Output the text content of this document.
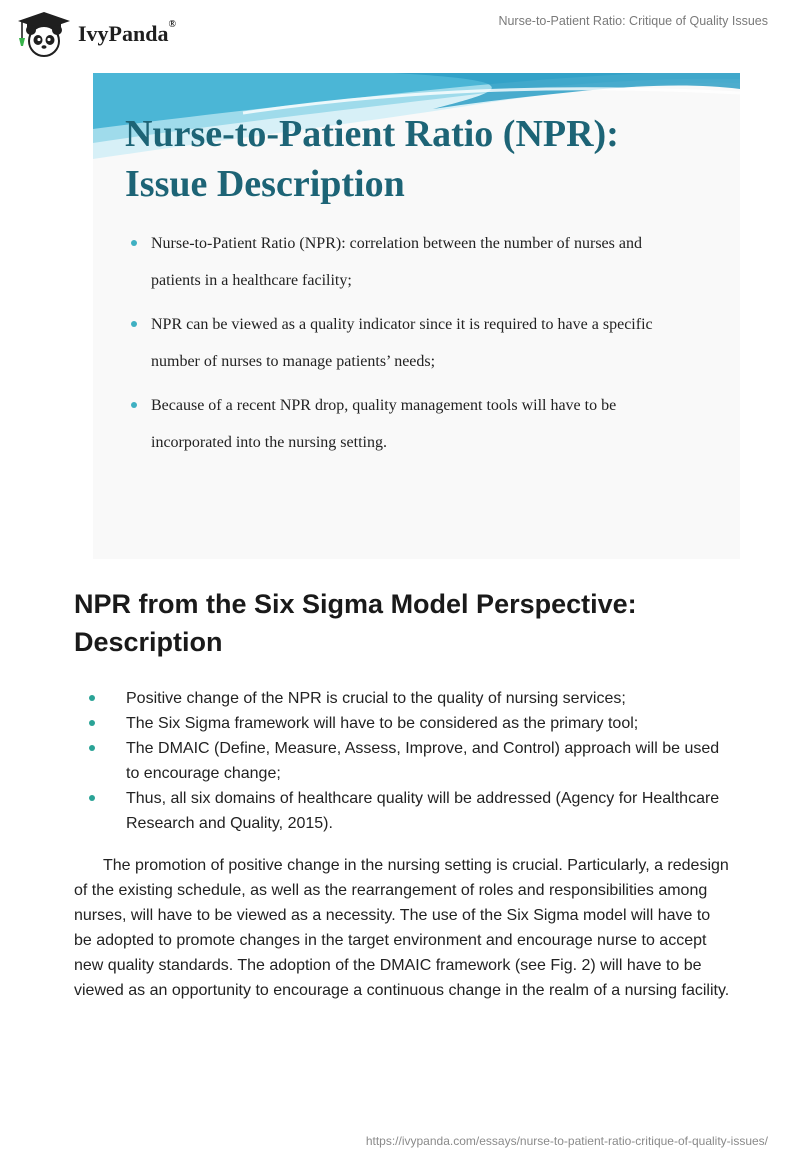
IvyPanda®	Nurse-to-Patient Ratio: Critique of Quality Issues
Nurse-to-Patient Ratio (NPR):
Issue Description
Nurse-to-Patient Ratio (NPR): correlation between the number of nurses and
patients in a healthcare facility;
NPR can be viewed as a quality indicator since it is required to have a specific
number of nurses to manage patients’ needs;
Because of a recent NPR drop, quality management tools will have to be
incorporated into the nursing setting.
NPR from the Six Sigma Model Perspective:
Description
Positive change of the NPR is crucial to the quality of nursing services;
The Six Sigma framework will have to be considered as the primary tool;
The DMAIC (Define, Measure, Assess, Improve, and Control) approach will be used to encourage change;
Thus, all six domains of healthcare quality will be addressed (Agency for Healthcare Research and Quality, 2015).

The promotion of positive change in the nursing setting is crucial. Particularly, a redesign of the existing schedule, as well as the rearrangement of roles and responsibilities among nurses, will have to be viewed as a necessity. The use of the Six Sigma model will have to be adopted to promote changes in the target environment and encourage nurse to accept new quality standards. The adoption of the DMAIC framework (see Fig. 2) will have to be viewed as an opportunity to encourage a continuous change in the realm of a nursing facility.

https://ivypanda.com/essays/nurse-to-patient-ratio-critique-of-quality-issues/
